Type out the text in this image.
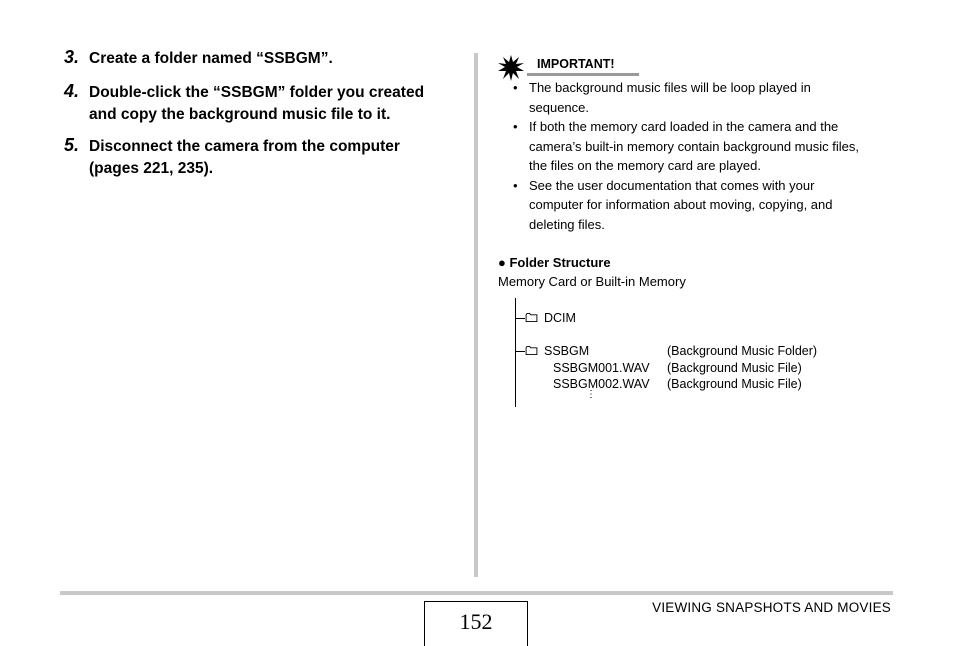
3. Create a folder named “SSBGM”.
4. Double-click the “SSBGM” folder you created
and copy the background music file to it.
5. Disconnect the camera from the computer
(pages 221, 235).
IMPORTANT!
• The background music files will be loop played in
sequence.
• If both the memory card loaded in the camera and the
camera’s built-in memory contain background music files,
the files on the memory card are played.
• See the user documentation that comes with your
computer for information about moving, copying, and
deleting files.
● Folder Structure
Memory Card or Built-in Memory
DCIM
SSBGM	(Background Music Folder)
SSBGM001.WAV (Background Music File)
SSBGM002.WAV (Background Music File)
⋮
152
VIEWING SNAPSHOTS AND MOVIES
